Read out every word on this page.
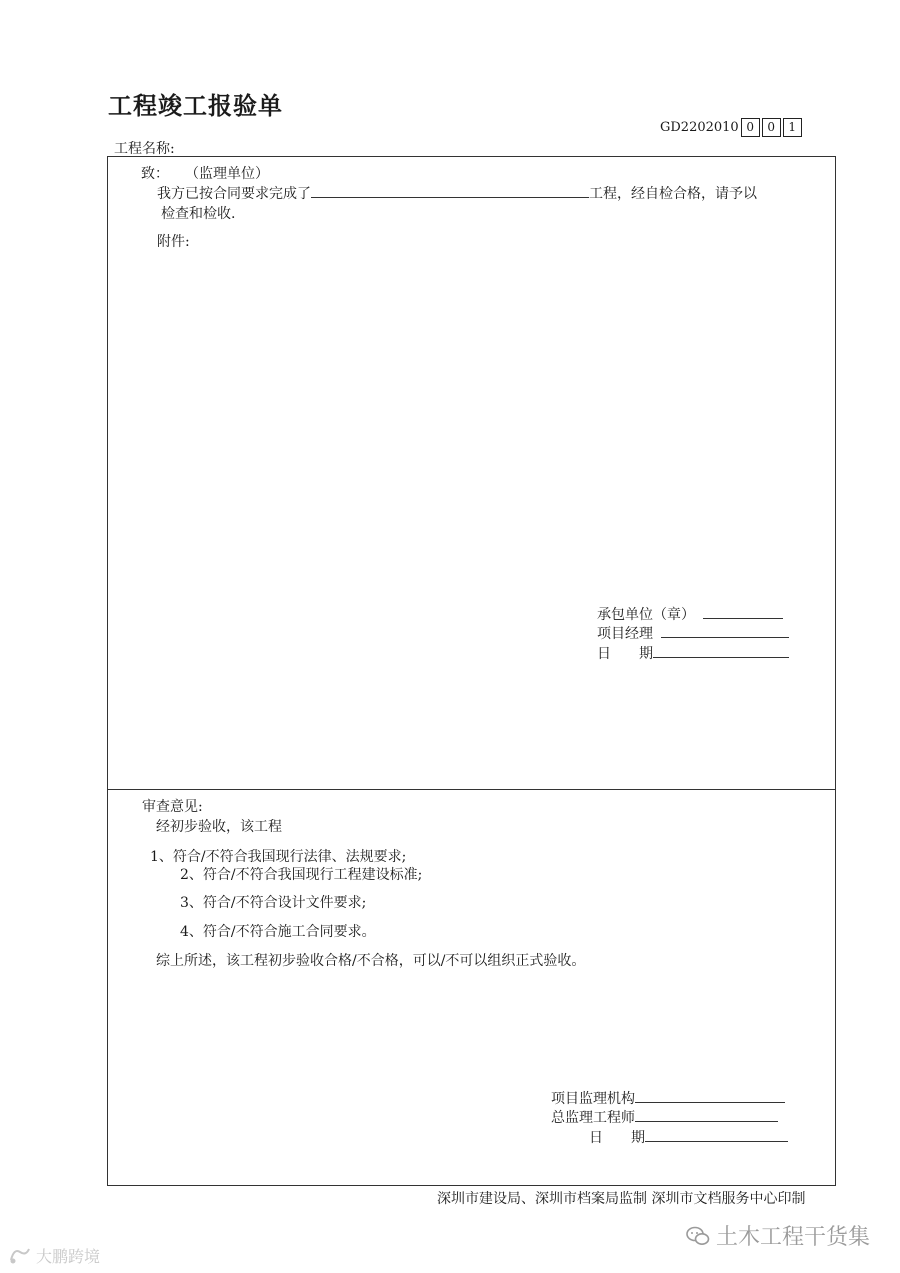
工程竣工报验单
GD2202010 0	0	1
工程名称:
致： （监理单位）
我方已按合同要求完成了	工程，经自检合格，请予以
检查和检收.
附件:
承包单位（章）
项目经理
日　　期
审查意见:
经初步验收，该工程
1、符合/不符合我国现行法律、法规要求;
2、符合/不符合我国现行工程建设标准;
3、符合/不符合设计文件要求;
4、符合/不符合施工合同要求。
综上所述，该工程初步验收合格/不合格，可以/不可以组织正式验收。
项目监理机构
总监理工程师
日　　期
深圳市建设局、深圳市档案局监制 深圳市文档服务中心印制
土木工程干货集
大鹏跨境
